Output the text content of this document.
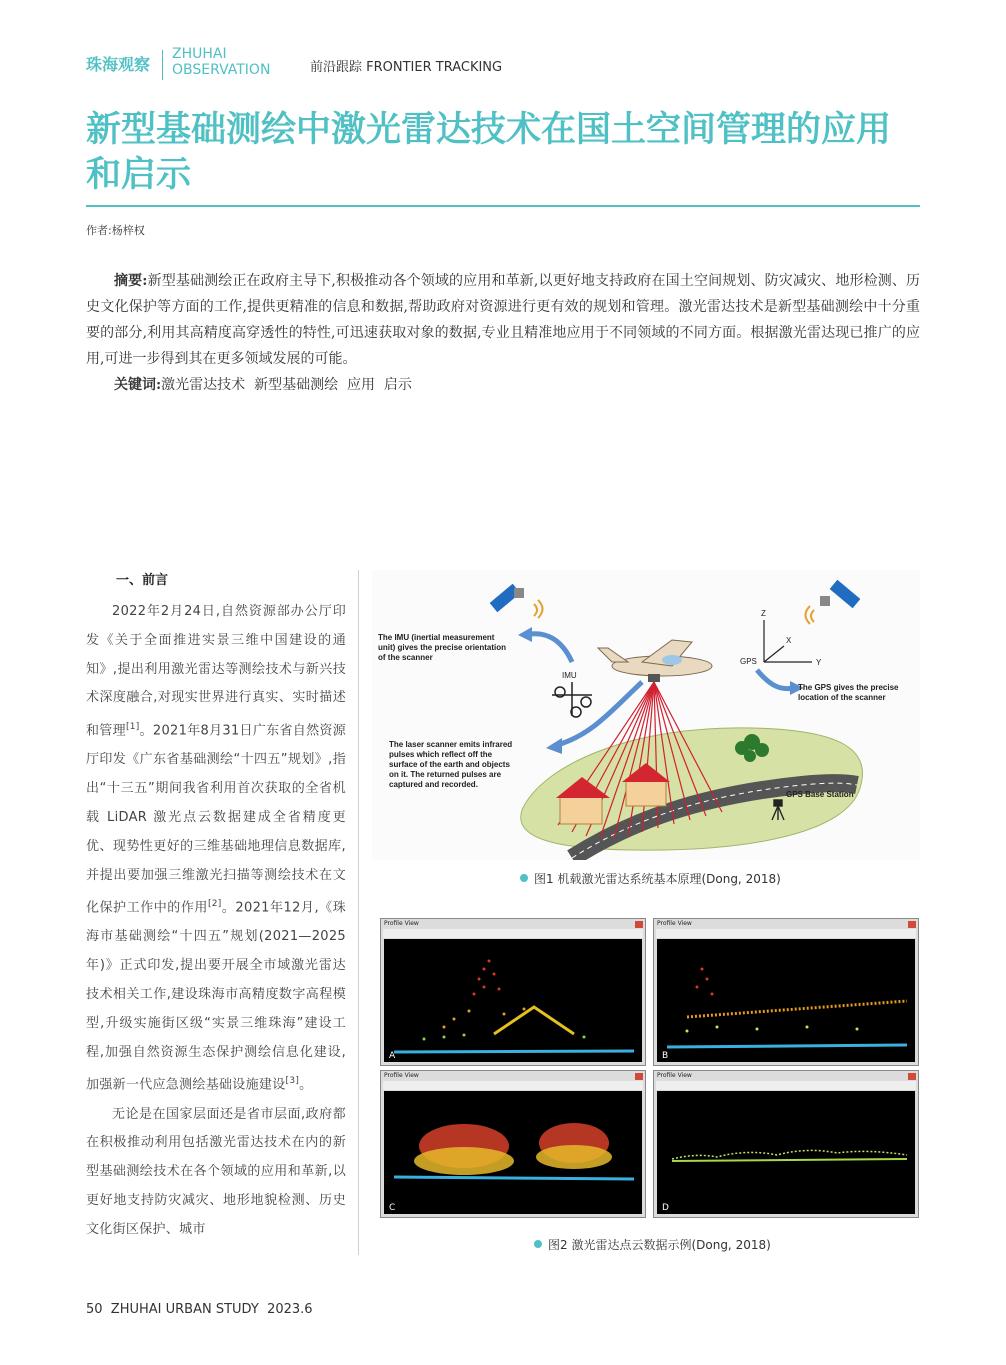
珠海观察
ZHUHAI
OBSERVATION	前沿跟踪 FRONTIER TRACKING
新型基础测绘中激光雷达技术在国土空间管理的应用和启示
作者:杨梓权

摘要:新型基础测绘正在政府主导下,积极推动各个领域的应用和革新,以更好地支持政府在国土空间规划、防灾减灾、地形检测、历史文化保护等方面的工作,提供更精准的信息和数据,帮助政府对资源进行更有效的规划和管理。激光雷达技术是新型基础测绘中十分重要的部分,利用其高精度高穿透性的特性,可迅速获取对象的数据,专业且精准地应用于不同领域的不同方面。根据激光雷达现已推广的应用,可进一步得到其在更多领域发展的可能。

关键词:激光雷达技术  新型基础测绘  应用  启示

一、前言

2022年2月24日,自然资源部办公厅印发《关于全面推进实景三维中国建设的通知》,提出利用激光雷达等测绘技术与新兴技术深度融合,对现实世界进行真实、实时描述和管理[1]。2021年8月31日广东省自然资源厅印发《广东省基础测绘“十四五”规划》,指出“十三五”期间我省利用首次获取的全省机载 LiDAR 激光点云数据建成全省精度更优、现势性更好的三维基础地理信息数据库,并提出要加强三维激光扫描等测绘技术在文化保护工作中的作用[2]。2021年12月,《珠海市基础测绘“十四五”规划(2021—2025年)》正式印发,提出要开展全市域激光雷达技术相关工作,建设珠海市高精度数字高程模型,升级实施街区级“实景三维珠海”建设工程,加强自然资源生态保护测绘信息化建设,加强新一代应急测绘基础设施建设[3]。

无论是在国家层面还是省市层面,政府都在积极推动利用包括激光雷达技术在内的新型基础测绘技术在各个领域的应用和革新,以更好地支持防灾减灾、地形地貌检测、历史文化街区保护、城市

IMU
Z
X
Y
GPS
GPS Base Station
The IMU (inertial measurement unit) gives the precise orientation of the scanner
The GPS gives the precise location of the scanner
The laser scanner emits infrared pulses which reflect off the surface of the earth and objects on it. The returned pulses are captured and recorded.
图1 机载激光雷达系统基本原理(Dong, 2018)
Profile View
A
Profile View
B
Profile View
C
Profile View
D
图2 激光雷达点云数据示例(Dong, 2018)
50  ZHUHAI URBAN STUDY  2023.6
